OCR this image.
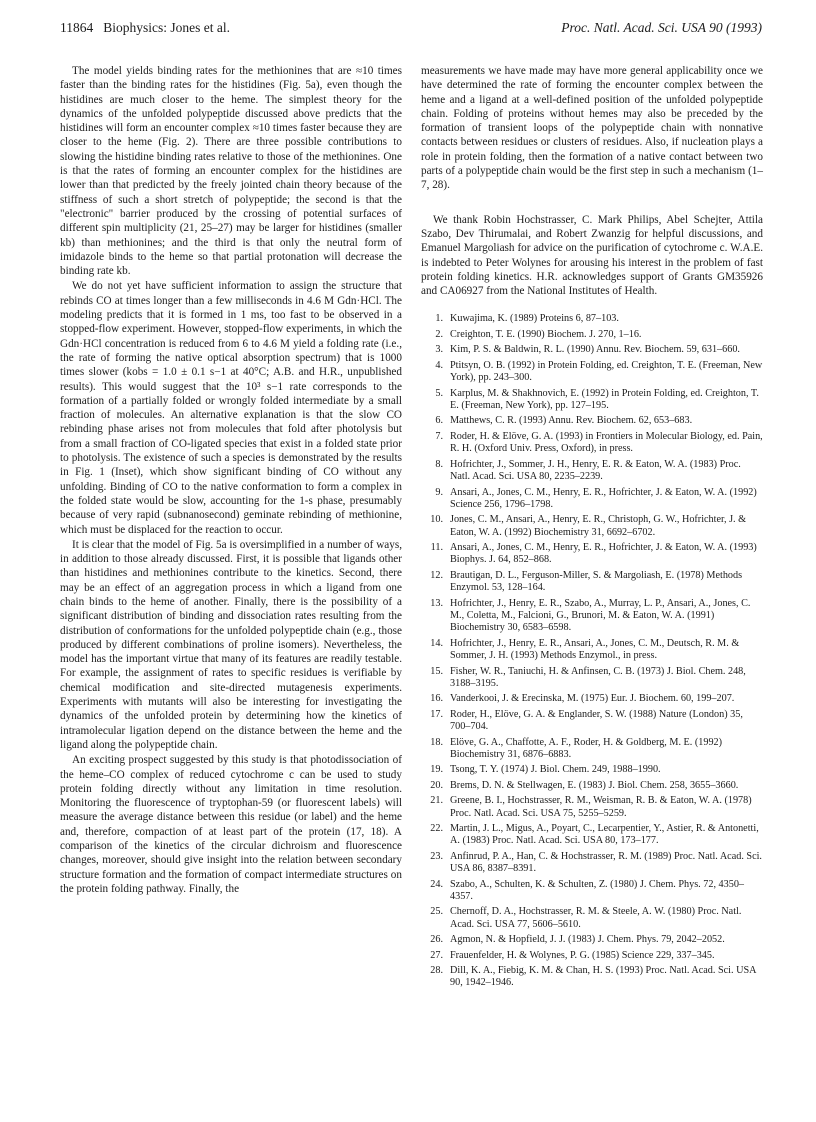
11864 Biophysics: Jones et al.	Proc. Natl. Acad. Sci. USA 90 (1993)

The model yields binding rates for the methionines that are ≈10 times faster than the binding rates for the histidines (Fig. 5a), even though the histidines are much closer to the heme. The simplest theory for the dynamics of the unfolded polypeptide discussed above predicts that the histidines will form an encounter complex ≈10 times faster because they are closer to the heme (Fig. 2). There are three possible contributions to slowing the histidine binding rates relative to those of the methionines. One is that the rates of forming an encounter complex for the histidines are lower than that predicted by the freely jointed chain theory because of the stiffness of such a short stretch of polypeptide; the second is that the "electronic" barrier produced by the crossing of potential surfaces of different spin multiplicity (21, 25–27) may be larger for histidines (smaller kb) than methionines; and the third is that only the neutral form of imidazole binds to the heme so that partial protonation will decrease the binding rate kb.

We do not yet have sufficient information to assign the structure that rebinds CO at times longer than a few milliseconds in 4.6 M Gdn·HCl. The modeling predicts that it is formed in 1 ms, too fast to be observed in a stopped-flow experiment. However, stopped-flow experiments, in which the Gdn·HCl concentration is reduced from 6 to 4.6 M yield a folding rate (i.e., the rate of forming the native optical absorption spectrum) that is 1000 times slower (kobs = 1.0 ± 0.1 s−1 at 40°C; A.B. and H.R., unpublished results). This would suggest that the 10³ s−1 rate corresponds to the formation of a partially folded or wrongly folded intermediate by a small fraction of molecules. An alternative explanation is that the slow CO rebinding phase arises not from molecules that fold after photolysis but from a small fraction of CO-ligated species that exist in a folded state prior to photolysis. The existence of such a species is demonstrated by the results in Fig. 1 (Inset), which show significant binding of CO without any unfolding. Binding of CO to the native conformation to form a complex in the folded state would be slow, accounting for the 1-s phase, presumably because of very rapid (subnanosecond) geminate rebinding of methionine, which must be displaced for the reaction to occur.

It is clear that the model of Fig. 5a is oversimplified in a number of ways, in addition to those already discussed. First, it is possible that ligands other than histidines and methionines contribute to the kinetics. Second, there may be an effect of an aggregation process in which a ligand from one chain binds to the heme of another. Finally, there is the possibility of a significant distribution of binding and dissociation rates resulting from the distribution of conformations for the unfolded polypeptide chain (e.g., those produced by different combinations of proline isomers). Nevertheless, the model has the important virtue that many of its features are readily testable. For example, the assignment of rates to specific residues is verifiable by chemical modification and site-directed mutagenesis experiments. Experiments with mutants will also be interesting for investigating the dynamics of the unfolded protein by determining how the kinetics of intramolecular ligation depend on the distance between the heme and the ligand along the polypeptide chain.

An exciting prospect suggested by this study is that photodissociation of the heme–CO complex of reduced cytochrome c can be used to study protein folding directly without any limitation in time resolution. Monitoring the fluorescence of tryptophan-59 (or fluorescent labels) will measure the average distance between this residue (or label) and the heme and, therefore, compaction of at least part of the protein (17, 18). A comparison of the kinetics of the circular dichroism and fluorescence changes, moreover, should give insight into the relation between secondary structure formation and the formation of compact intermediate structures on the protein folding pathway. Finally, the

measurements we have made may have more general applicability once we have determined the rate of forming the encounter complex between the heme and a ligand at a well-defined position of the unfolded polypeptide chain. Folding of proteins without hemes may also be preceded by the formation of transient loops of the polypeptide chain with nonnative contacts between residues or clusters of residues. Also, if nucleation plays a role in protein folding, then the formation of a native contact between two parts of a polypeptide chain would be the first step in such a mechanism (1–7, 28).

We thank Robin Hochstrasser, C. Mark Philips, Abel Schejter, Attila Szabo, Dev Thirumalai, and Robert Zwanzig for helpful discussions, and Emanuel Margoliash for advice on the purification of cytochrome c. W.A.E. is indebted to Peter Wolynes for arousing his interest in the problem of fast protein folding kinetics. H.R. acknowledges support of Grants GM35926 and CA06927 from the National Institutes of Health.

1. Kuwajima, K. (1989) Proteins 6, 87–103.
2. Creighton, T. E. (1990) Biochem. J. 270, 1–16.
3. Kim, P. S. & Baldwin, R. L. (1990) Annu. Rev. Biochem. 59, 631–660.
4. Ptitsyn, O. B. (1992) in Protein Folding, ed. Creighton, T. E. (Freeman, New York), pp. 243–300.
5. Karplus, M. & Shakhnovich, E. (1992) in Protein Folding, ed. Creighton, T. E. (Freeman, New York), pp. 127–195.
6. Matthews, C. R. (1993) Annu. Rev. Biochem. 62, 653–683.
7. Roder, H. & Elöve, G. A. (1993) in Frontiers in Molecular Biology, ed. Pain, R. H. (Oxford Univ. Press, Oxford), in press.
8. Hofrichter, J., Sommer, J. H., Henry, E. R. & Eaton, W. A. (1983) Proc. Natl. Acad. Sci. USA 80, 2235–2239.
9. Ansari, A., Jones, C. M., Henry, E. R., Hofrichter, J. & Eaton, W. A. (1992) Science 256, 1796–1798.
10. Jones, C. M., Ansari, A., Henry, E. R., Christoph, G. W., Hofrichter, J. & Eaton, W. A. (1992) Biochemistry 31, 6692–6702.
11. Ansari, A., Jones, C. M., Henry, E. R., Hofrichter, J. & Eaton, W. A. (1993) Biophys. J. 64, 852–868.
12. Brautigan, D. L., Ferguson-Miller, S. & Margoliash, E. (1978) Methods Enzymol. 53, 128–164.
13. Hofrichter, J., Henry, E. R., Szabo, A., Murray, L. P., Ansari, A., Jones, C. M., Coletta, M., Falcioni, G., Brunori, M. & Eaton, W. A. (1991) Biochemistry 30, 6583–6598.
14. Hofrichter, J., Henry, E. R., Ansari, A., Jones, C. M., Deutsch, R. M. & Sommer, J. H. (1993) Methods Enzymol., in press.
15. Fisher, W. R., Taniuchi, H. & Anfinsen, C. B. (1973) J. Biol. Chem. 248, 3188–3195.
16. Vanderkooi, J. & Erecinska, M. (1975) Eur. J. Biochem. 60, 199–207.
17. Roder, H., Elöve, G. A. & Englander, S. W. (1988) Nature (London) 35, 700–704.
18. Elöve, G. A., Chaffotte, A. F., Roder, H. & Goldberg, M. E. (1992) Biochemistry 31, 6876–6883.
19. Tsong, T. Y. (1974) J. Biol. Chem. 249, 1988–1990.
20. Brems, D. N. & Stellwagen, E. (1983) J. Biol. Chem. 258, 3655–3660.
21. Greene, B. I., Hochstrasser, R. M., Weisman, R. B. & Eaton, W. A. (1978) Proc. Natl. Acad. Sci. USA 75, 5255–5259.
22. Martin, J. L., Migus, A., Poyart, C., Lecarpentier, Y., Astier, R. & Antonetti, A. (1983) Proc. Natl. Acad. Sci. USA 80, 173–177.
23. Anfinrud, P. A., Han, C. & Hochstrasser, R. M. (1989) Proc. Natl. Acad. Sci. USA 86, 8387–8391.
24. Szabo, A., Schulten, K. & Schulten, Z. (1980) J. Chem. Phys. 72, 4350–4357.
25. Chernoff, D. A., Hochstrasser, R. M. & Steele, A. W. (1980) Proc. Natl. Acad. Sci. USA 77, 5606–5610.
26. Agmon, N. & Hopfield, J. J. (1983) J. Chem. Phys. 79, 2042–2052.
27. Frauenfelder, H. & Wolynes, P. G. (1985) Science 229, 337–345.
28. Dill, K. A., Fiebig, K. M. & Chan, H. S. (1993) Proc. Natl. Acad. Sci. USA 90, 1942–1946.
